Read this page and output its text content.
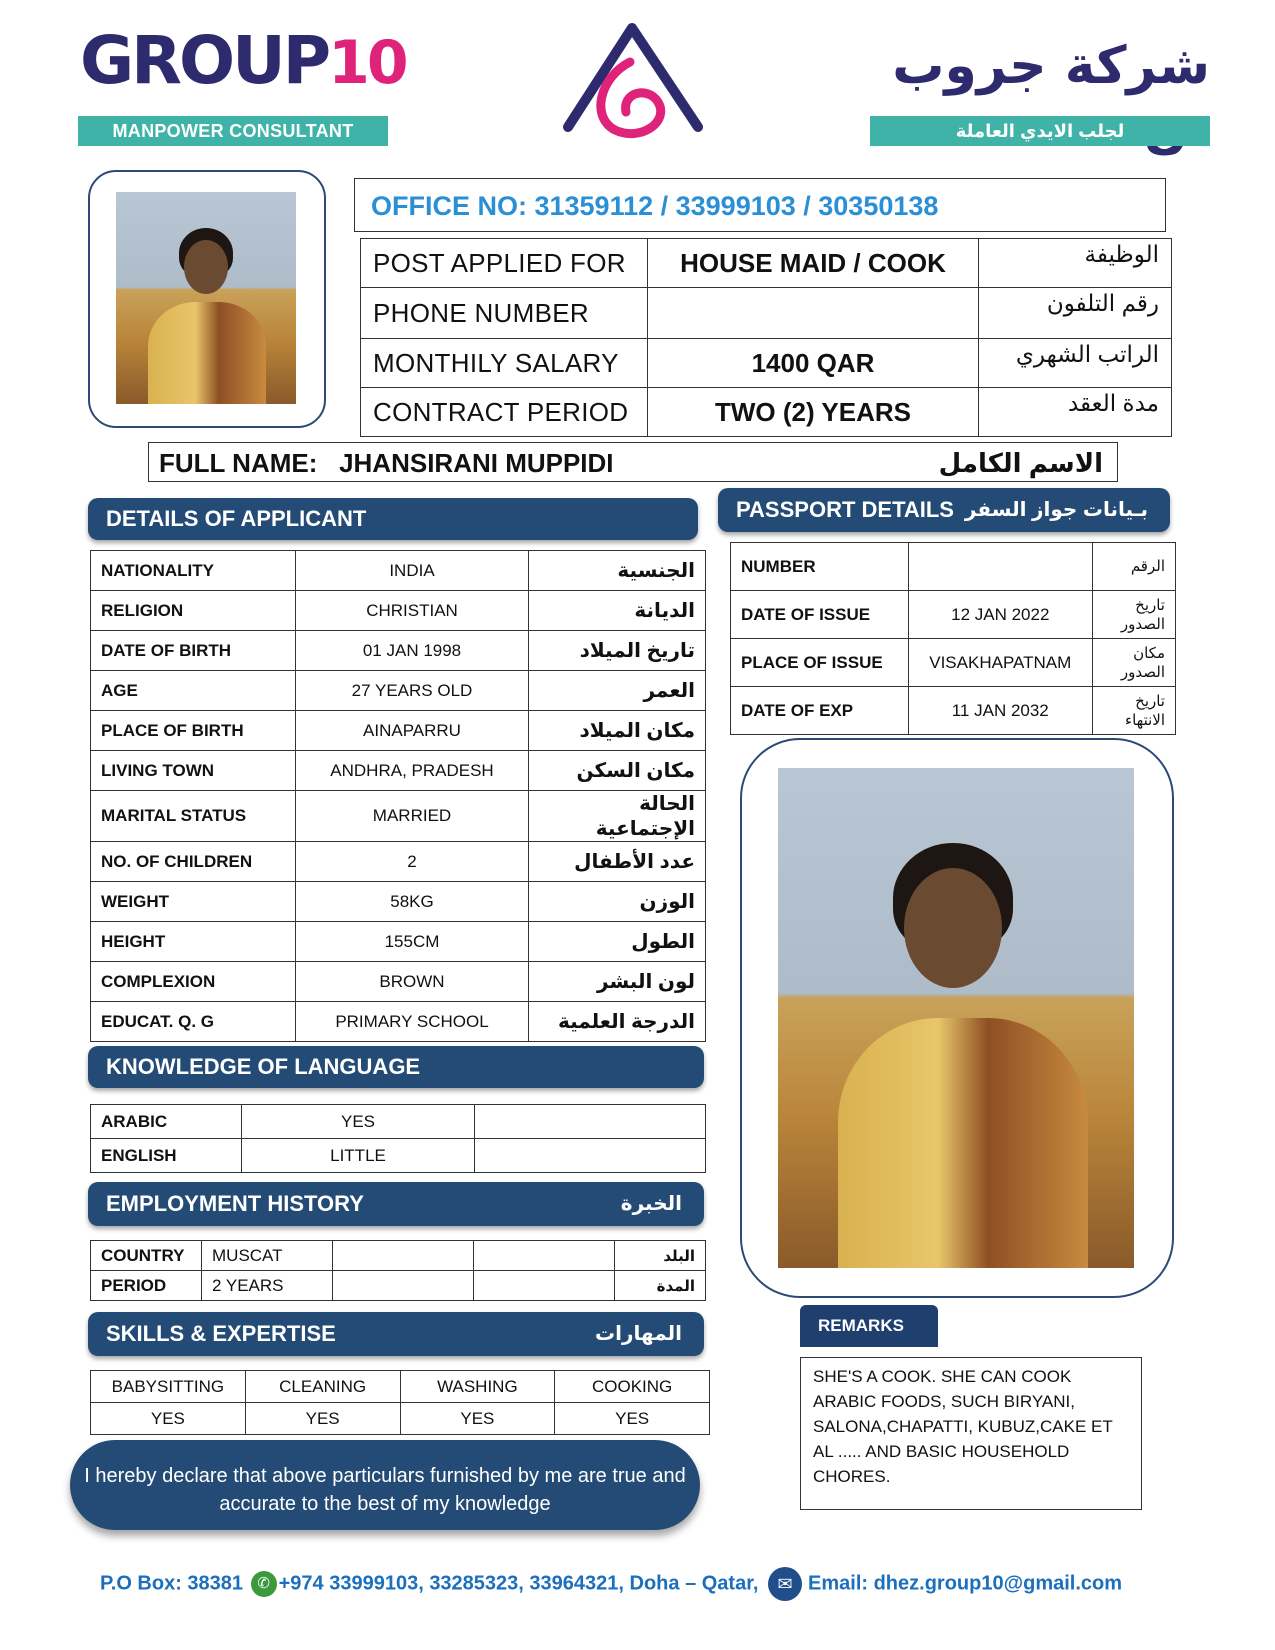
GROUP10
MANPOWER CONSULTANT
شركة جروب
لجلب الايدي العاملة
OFFICE NO: 31359112 / 33999103 / 30350138
POST APPLIED FOR	HOUSE MAID / COOK	الوظيفة
PHONE NUMBER		رقم التلفون
MONTHILY SALARY	1400 QAR	الراتب الشهري
CONTRACT PERIOD	TWO (2) YEARS	مدة العقد
FULL NAME: JHANSIRANI MUPPIDI	الاسم الكامل
DETAILS OF APPLICANT
NATIONALITY	INDIA	الجنسية
RELIGION	CHRISTIAN	الديانة
DATE OF BIRTH	01 JAN 1998	تاريخ الميلاد
AGE	27 YEARS OLD	العمر
PLACE OF BIRTH	AINAPARRU	مكان الميلاد
LIVING TOWN	ANDHRA, PRADESH	مكان السكن
MARITAL STATUS	MARRIED	الحالة الإجتماعية
NO. OF CHILDREN	2	عدد الأطفال
WEIGHT	58KG	الوزن
HEIGHT	155CM	الطول
COMPLEXION	BROWN	لون البشر
EDUCAT. Q. G	PRIMARY SCHOOL	الدرجة العلمية
PASSPORT DETAILS بـيانات جواز السفر
NUMBER		الرقم
DATE OF ISSUE	12 JAN 2022	تاريخ الصدور
PLACE OF ISSUE	VISAKHAPATNAM	مكان الصدور
DATE OF EXP	11 JAN 2032	تاريخ الانتهاء
KNOWLEDGE OF LANGUAGE
ARABIC	YES	
ENGLISH	LITTLE	
EMPLOYMENT HISTORY	الخبرة
COUNTRY	MUSCAT			البلد
PERIOD	2 YEARS			المدة
SKILLS & EXPERTISE	المهارات
BABYSITTING	CLEANING	WASHING	COOKING
YES	YES	YES	YES
I hereby declare that above particulars furnished by me are true and accurate to the best of my knowledge
REMARKS
SHE'S A COOK. SHE CAN COOK ARABIC FOODS, SUCH BIRYANI, SALONA,CHAPATTI, KUBUZ,CAKE ET AL ..... AND BASIC HOUSEHOLD CHORES.
P.O Box: 38381 ✆ +974 33999103, 33285323, 33964321, Doha – Qatar, ✉ Email: dhez.group10@gmail.com
